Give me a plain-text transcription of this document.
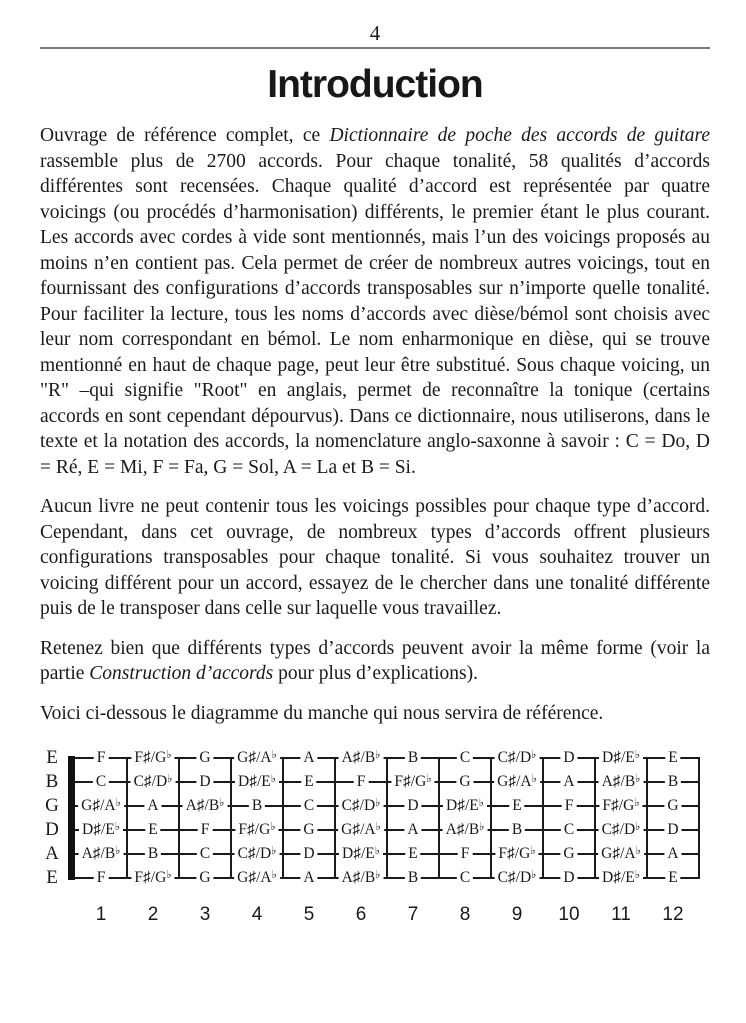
4
Introduction

Ouvrage de référence complet, ce Dictionnaire de poche des accords de guitare rassemble plus de 2700 accords. Pour chaque tonalité, 58 qualités d’accords différentes sont recensées. Chaque qualité d’accord est représentée par quatre voicings (ou procédés d’harmonisation) différents, le premier étant le plus courant. Les accords avec cordes à vide sont mentionnés, mais l’un des voicings proposés au moins n’en contient pas. Cela permet de créer de nombreux autres voicings, tout en fournissant des configurations d’accords transposables sur n’importe quelle tonalité. Pour faciliter la lecture, tous les noms d’accords avec dièse/bémol sont choisis avec leur nom correspondant en bémol. Le nom enharmonique en dièse, qui se trouve mentionné en haut de chaque page, peut leur être substitué. Sous chaque voicing, un "R" –qui signifie "Root" en anglais, permet de reconnaître la tonique (certains accords en sont cependant dépourvus). Dans ce dictionnaire, nous utiliserons, dans le texte et la notation des accords, la nomenclature anglo-saxonne à savoir : C = Do, D = Ré, E = Mi, F = Fa, G = Sol, A = La et B = Si.

Aucun livre ne peut contenir tous les voicings possibles pour chaque type d’accord. Cependant, dans cet ouvrage, de nombreux types d’accords offrent plusieurs configurations transposables pour chaque tonalité. Si vous souhaitez trouver un voicing différent pour un accord, essayez de le chercher dans une tonalité différente puis de le transposer dans celle sur laquelle vous travaillez.

Retenez bien que différents types d’accords peuvent avoir la même forme (voir la partie Construction d’accords pour plus d’explications).

Voici ci-dessous le diagramme du manche qui nous servira de référence.

E	F F♯/G♭ G G♯/A♭ A A♯/B♭ B	C C♯/D♭ D D♯/E♭ E
B	C C♯/D♭ D D♯/E♭ E	F F♯/G♭ G G♯/A♭ A A♯/B♭ B
G	G♯/A♭ A A♯/B♭ B	C C♯/D♭ D D♯/E♭ E	F F♯/G♭ G
D	D♯/E♭ E	F F♯/G♭ G G♯/A♭ A A♯/B♭ B	C C♯/D♭ D
A	A♯/B♭ B	C C♯/D♭ D D♯/E♭ E	F F♯/G♭ G G♯/A♭ A
E	F F♯/G♭ G G♯/A♭ A A♯/B♭ B	C C♯/D♭ D D♯/E♭ E
1 2 3 4 5 6 7 8 9 10 11 12
